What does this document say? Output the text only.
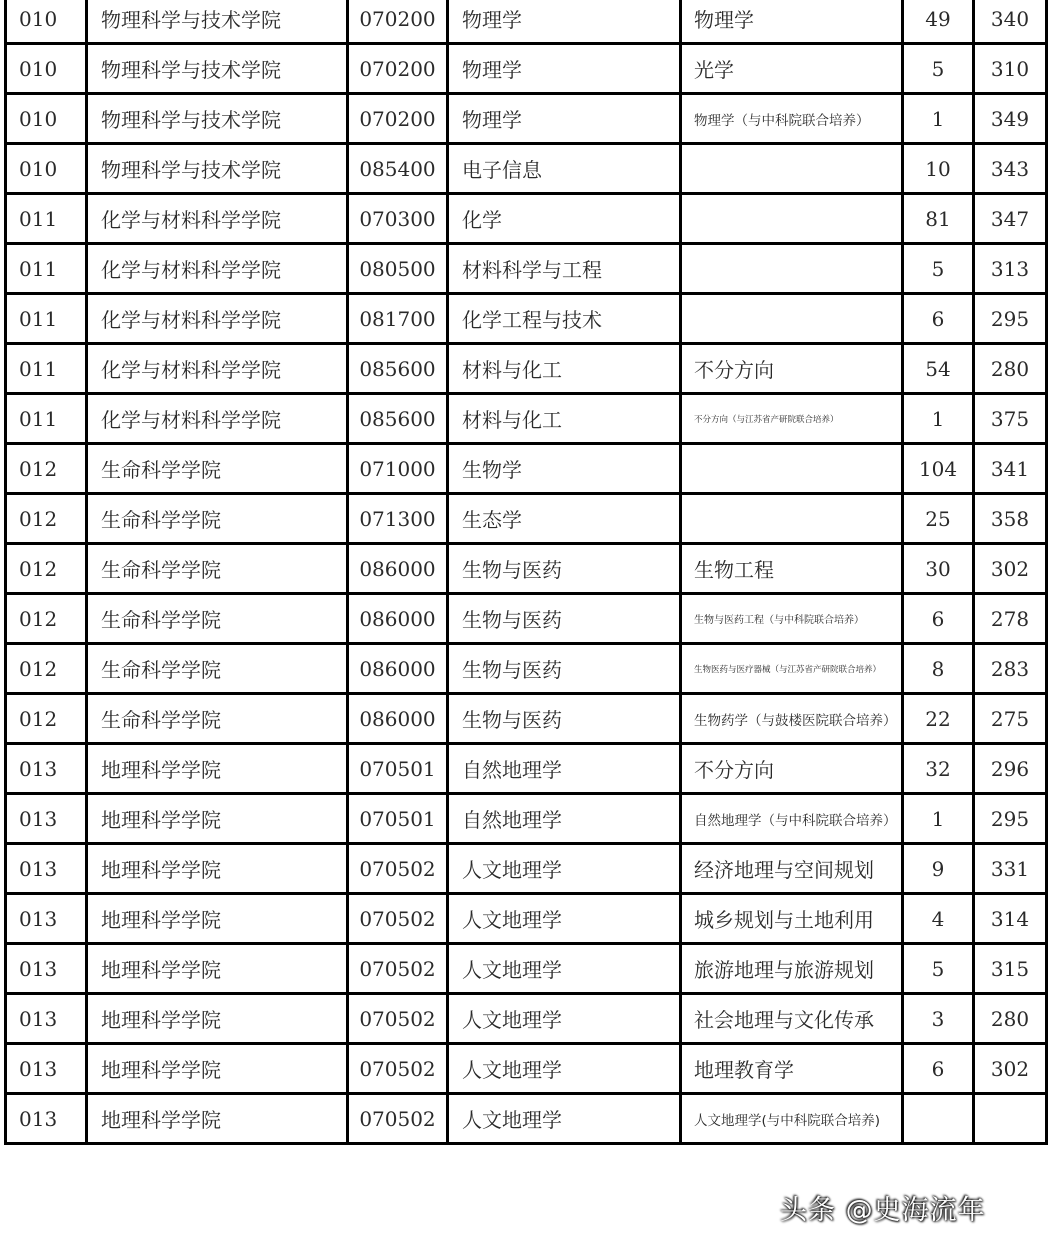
010	物理科学与技术学院	070200	物理学	物理学	49	340
010	物理科学与技术学院	070200	物理学	光学	5	310
010	物理科学与技术学院	070200	物理学	物理学（与中科院联合培养）	1	349
010	物理科学与技术学院	085400	电子信息		10	343
011	化学与材料科学学院	070300	化学		81	347
011	化学与材料科学学院	080500	材料科学与工程		5	313
011	化学与材料科学学院	081700	化学工程与技术		6	295
011	化学与材料科学学院	085600	材料与化工	不分方向	54	280
011	化学与材料科学学院	085600	材料与化工	不分方向（与江苏省产研院联合培养）	1	375
012	生命科学学院	071000	生物学		104	341
012	生命科学学院	071300	生态学		25	358
012	生命科学学院	086000	生物与医药	生物工程	30	302
012	生命科学学院	086000	生物与医药	生物与医药工程（与中科院联合培养）	6	278
012	生命科学学院	086000	生物与医药	生物医药与医疗器械（与江苏省产研院联合培养）	8	283
012	生命科学学院	086000	生物与医药	生物药学（与鼓楼医院联合培养）	22	275
013	地理科学学院	070501	自然地理学	不分方向	32	296
013	地理科学学院	070501	自然地理学	自然地理学（与中科院联合培养）	1	295
013	地理科学学院	070502	人文地理学	经济地理与空间规划	9	331
013	地理科学学院	070502	人文地理学	城乡规划与土地利用	4	314
013	地理科学学院	070502	人文地理学	旅游地理与旅游规划	5	315
013	地理科学学院	070502	人文地理学	社会地理与文化传承	3	280
013	地理科学学院	070502	人文地理学	地理教育学	6	302
013	地理科学学院	070502	人文地理学	人文地理学(与中科院联合培养)		
头条 @史海流年
